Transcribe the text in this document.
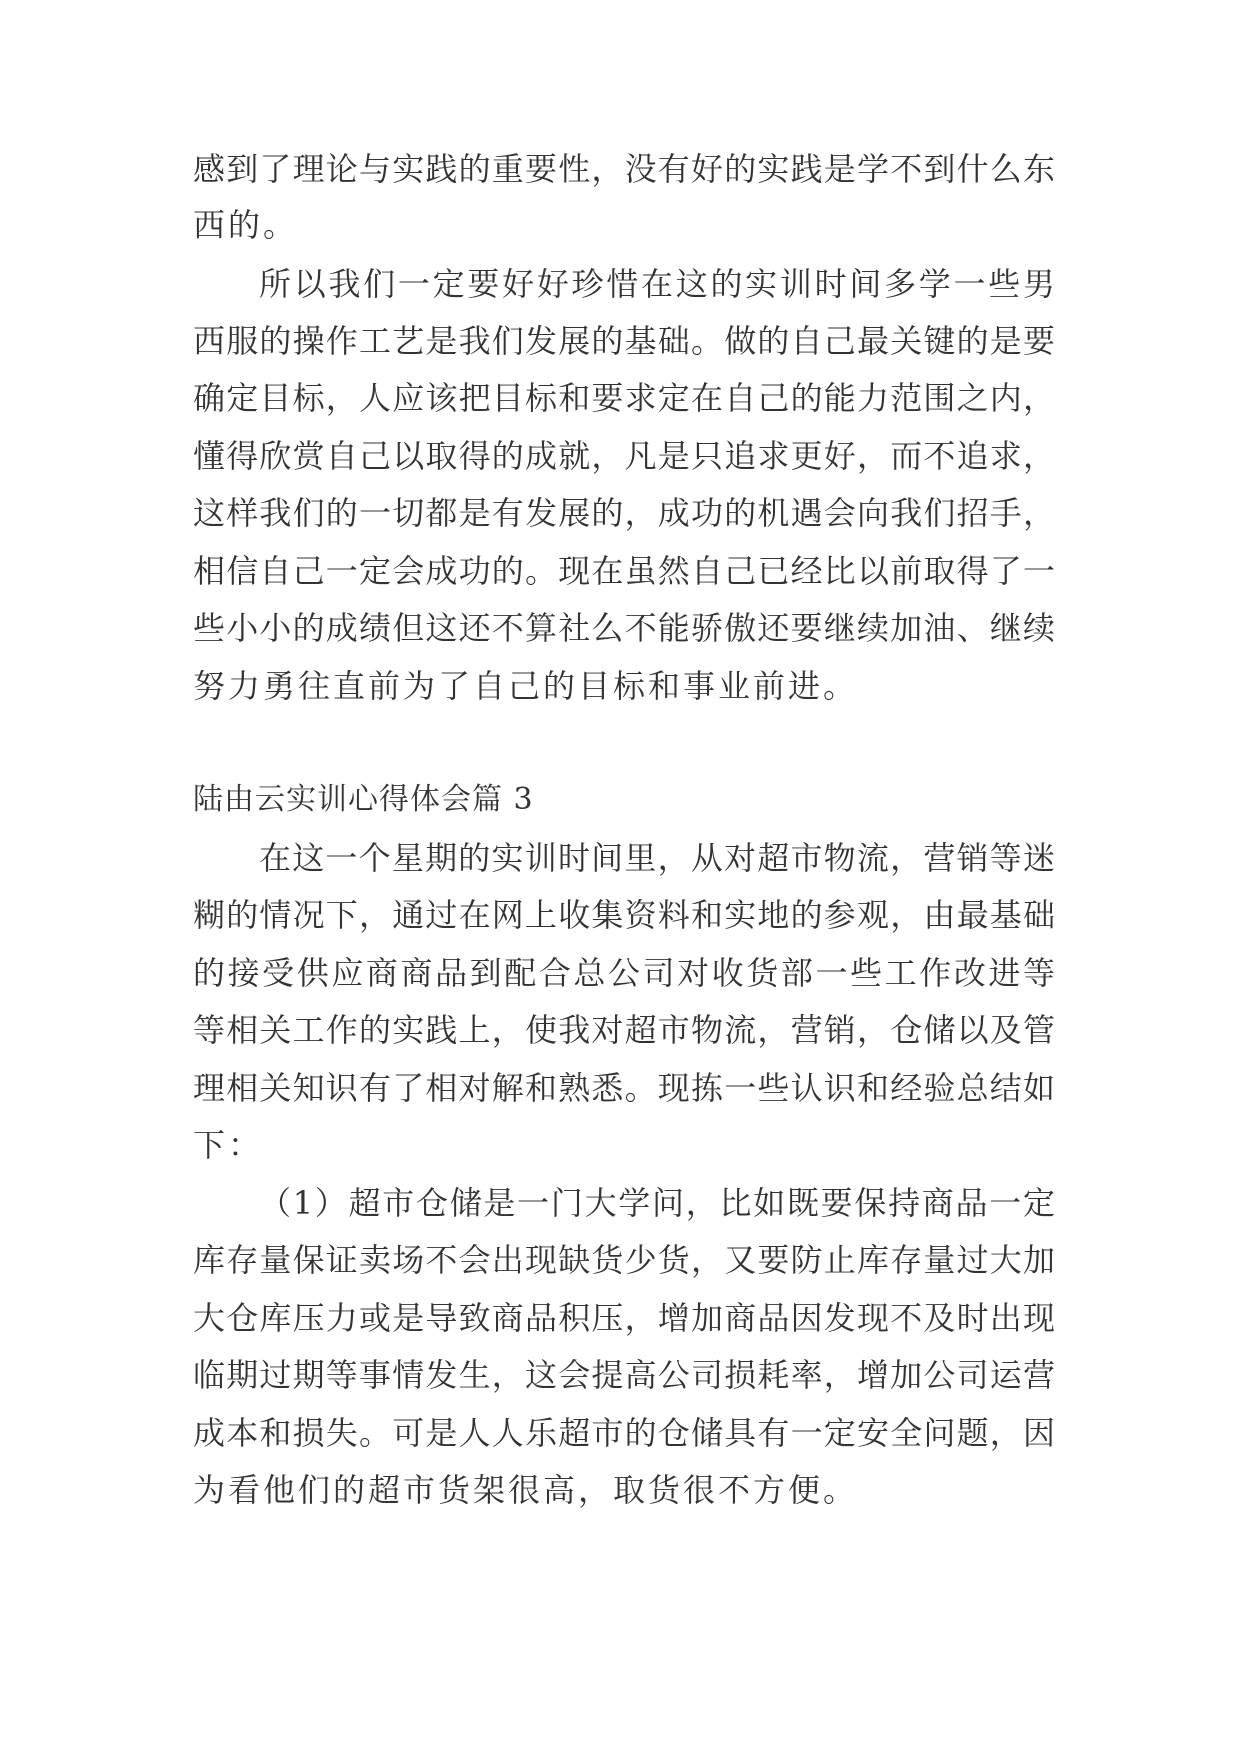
感到了理论与实践的重要性，没有好的实践是学不到什么东
西的。
所以我们一定要好好珍惜在这的实训时间多学一些男
西服的操作工艺是我们发展的基础。做的自己最关键的是要
确定目标，人应该把目标和要求定在自己的能力范围之内，
懂得欣赏自己以取得的成就，凡是只追求更好，而不追求，
这样我们的一切都是有发展的，成功的机遇会向我们招手，
相信自己一定会成功的。现在虽然自己已经比以前取得了一
些小小的成绩但这还不算社么不能骄傲还要继续加油、继续
努力勇往直前为了自己的目标和事业前进。
陆由云实训心得体会篇 3
在这一个星期的实训时间里，从对超市物流，营销等迷
糊的情况下，通过在网上收集资料和实地的参观，由最基础
的接受供应商商品到配合总公司对收货部一些工作改进等
等相关工作的实践上，使我对超市物流，营销，仓储以及管
理相关知识有了相对解和熟悉。现拣一些认识和经验总结如
下：
（1）超市仓储是一门大学问，比如既要保持商品一定
库存量保证卖场不会出现缺货少货，又要防止库存量过大加
大仓库压力或是导致商品积压，增加商品因发现不及时出现
临期过期等事情发生，这会提高公司损耗率，增加公司运营
成本和损失。可是人人乐超市的仓储具有一定安全问题，因
为看他们的超市货架很高，取货很不方便。
